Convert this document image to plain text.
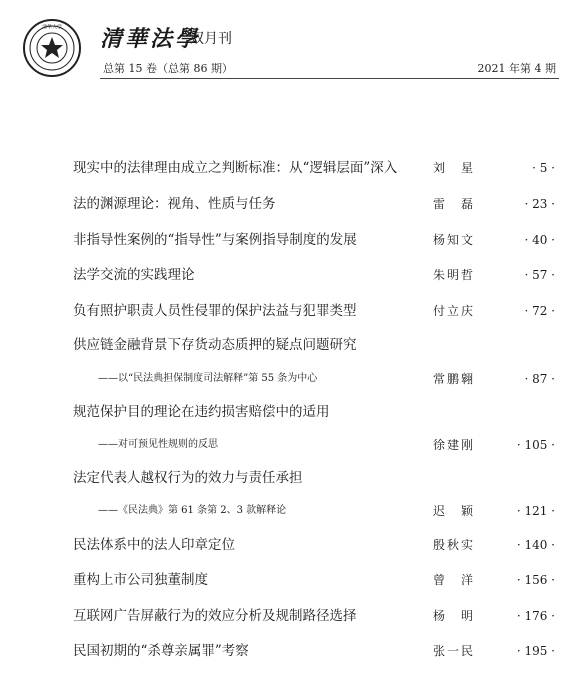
清华大学 清華法學
双月刊
总第 15 卷（总第 86 期）	2021 年第 4 期
现实中的法律理由成立之判断标准：从“逻辑层面”深入	刘　星	· 5 ·
法的渊源理论：视角、性质与任务	雷　磊	· 23 ·
非指导性案例的“指导性”与案例指导制度的发展	杨知文	· 40 ·
法学交流的实践理论	朱明哲	· 57 ·
负有照护职责人员性侵罪的保护法益与犯罪类型	付立庆	· 72 ·
供应链金融背景下存货动态质押的疑点问题研究
——以“民法典担保制度司法解释”第 55 条为中心	常鹏翱	· 87 ·
规范保护目的理论在违约损害赔偿中的适用
——对可预见性规则的反思	徐建刚	· 105 ·
法定代表人越权行为的效力与责任承担
——《民法典》第 61 条第 2、3 款解释论	迟　颖	· 121 ·
民法体系中的法人印章定位	殷秋实	· 140 ·
重构上市公司独董制度	曾　洋	· 156 ·
互联网广告屏蔽行为的效应分析及规制路径选择	杨　明	· 176 ·
民国初期的“杀尊亲属罪”考察	张一民	· 195 ·
